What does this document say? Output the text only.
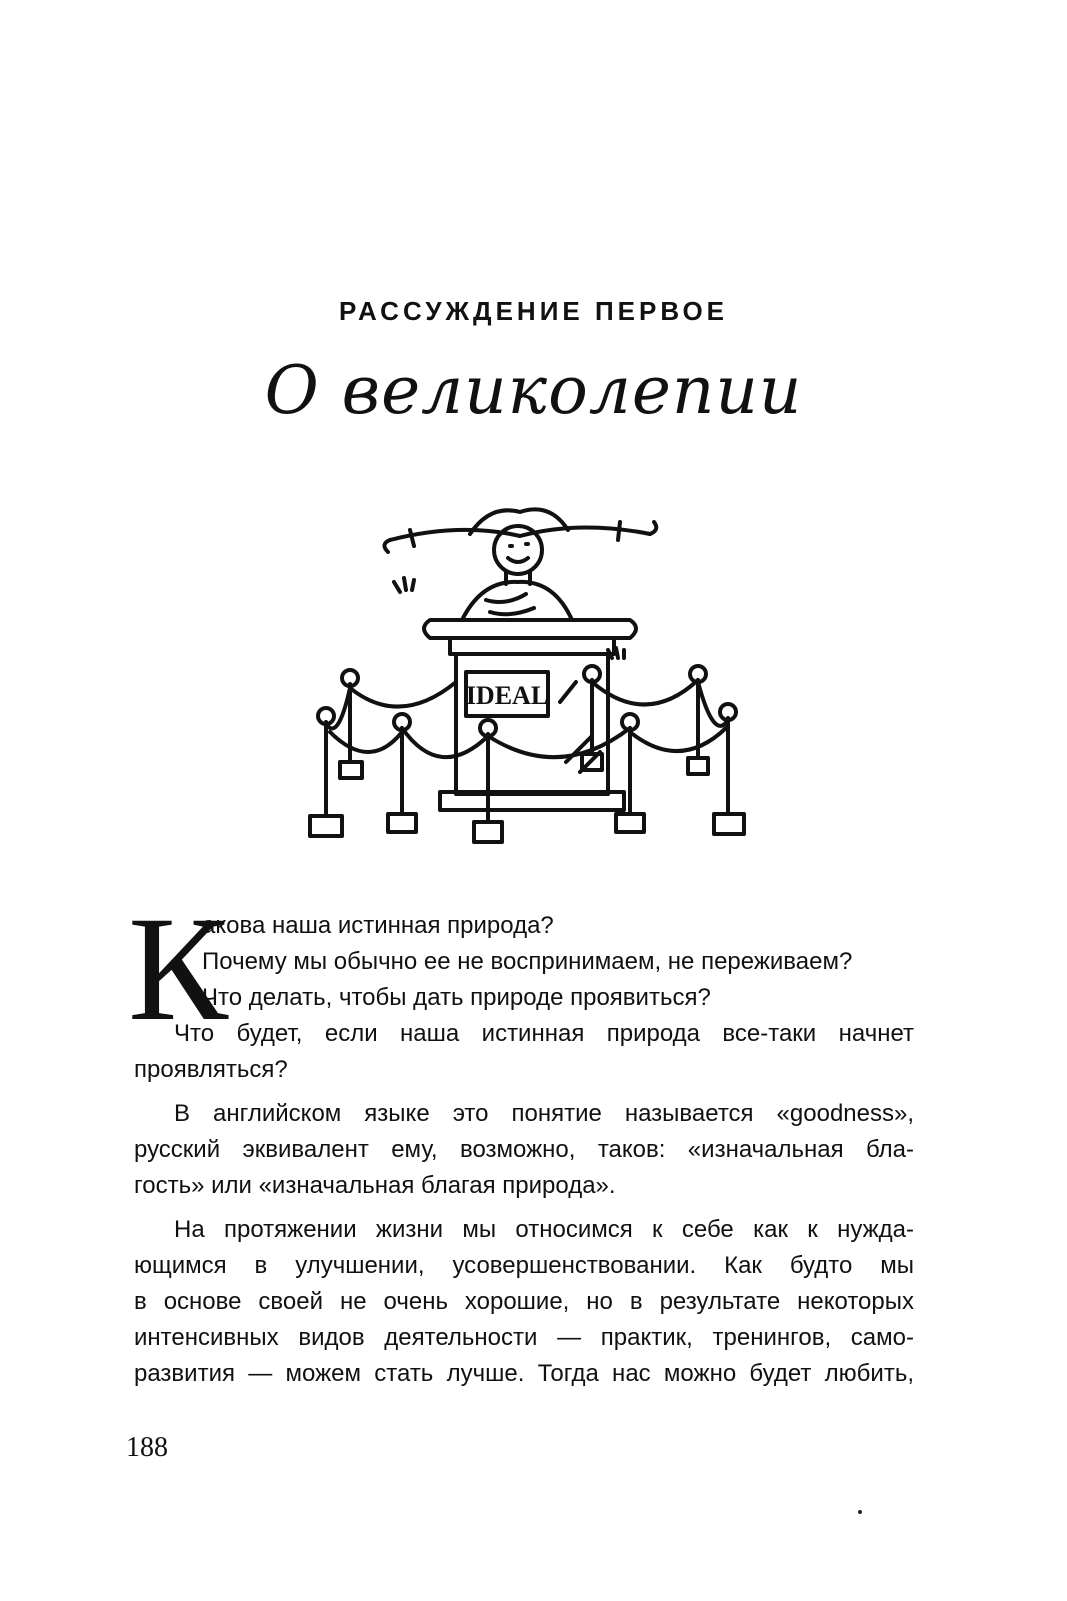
РАССУЖДЕНИЕ ПЕРВОЕ
О великолепии
IDEAL
К
акова наша истинная природа?
Почему мы обычно ее не воспринимаем, не переживаем?
Что делать, чтобы дать природе проявиться?
Что будет, если наша истинная природа все-таки начнет
проявляться?
В английском языке это понятие называется «goodness»,
русский эквивалент ему, возможно, таков: «изначальная бла-
гость» или «изначальная благая природа».
На протяжении жизни мы относимся к себе как к нужда-
ющимся в улучшении, усовершенствовании. Как будто мы
в основе своей не очень хорошие, но в результате некоторых
интенсивных видов деятельности — практик, тренингов, само-
развития — можем стать лучше. Тогда нас можно будет любить,
188
